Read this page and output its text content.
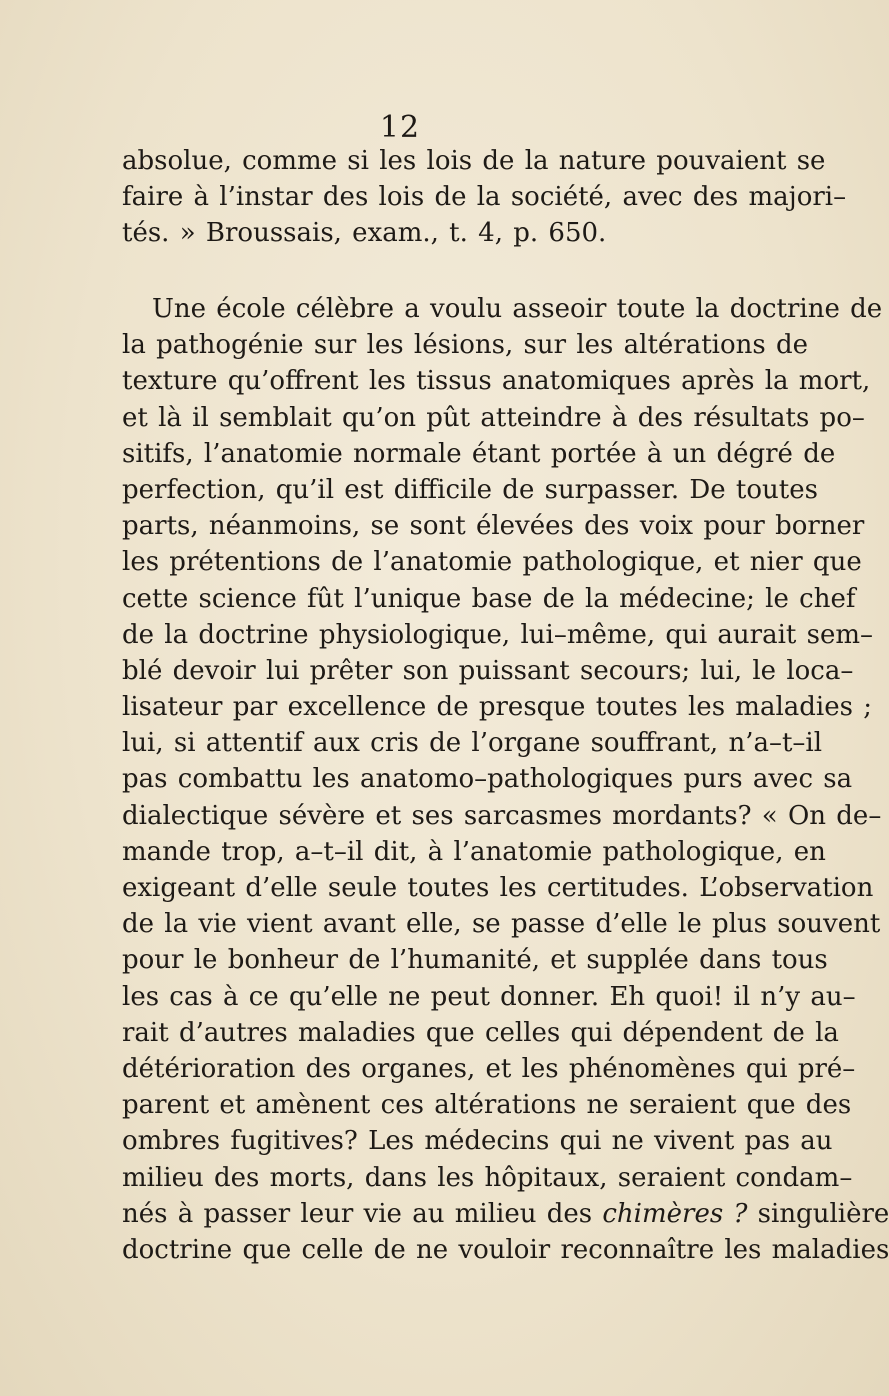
12
absolue, comme si les lois de la nature pouvaient se
faire à l’instar des lois de la société, avec des majori–
tés. » Broussais, exam., t. 4, p. 650.
Une école célèbre a voulu asseoir toute la doctrine de
la pathogénie sur les lésions, sur les altérations de
texture qu’offrent les tissus anatomiques après la mort,
et là il semblait qu’on pût atteindre à des résultats po–
sitifs, l’anatomie normale étant portée à un dégré de
perfection, qu’il est difficile de surpasser. De toutes
parts, néanmoins, se sont élevées des voix pour borner
les prétentions de l’anatomie pathologique, et nier que
cette science fût l’unique base de la médecine; le chef
de la doctrine physiologique, lui–même, qui aurait sem–
blé devoir lui prêter son puissant secours; lui, le loca–
lisateur par excellence de presque toutes les maladies ;
lui, si attentif aux cris de l’organe souffrant, n’a–t–il
pas combattu les anatomo–pathologiques purs avec sa
dialectique sévère et ses sarcasmes mordants? « On de–
mande trop, a–t–il dit, à l’anatomie pathologique, en
exigeant d’elle seule toutes les certitudes. L’observation
de la vie vient avant elle, se passe d’elle le plus souvent
pour le bonheur de l’humanité, et supplée dans tous
les cas à ce qu’elle ne peut donner. Eh quoi! il n’y au–
rait d’autres maladies que celles qui dépendent de la
détérioration des organes, et les phénomènes qui pré–
parent et amènent ces altérations ne seraient que des
ombres fugitives? Les médecins qui ne vivent pas au
milieu des morts, dans les hôpitaux, seraient condam–
nés à passer leur vie au milieu des chimères ? singulière
doctrine que celle de ne vouloir reconnaître les maladies
